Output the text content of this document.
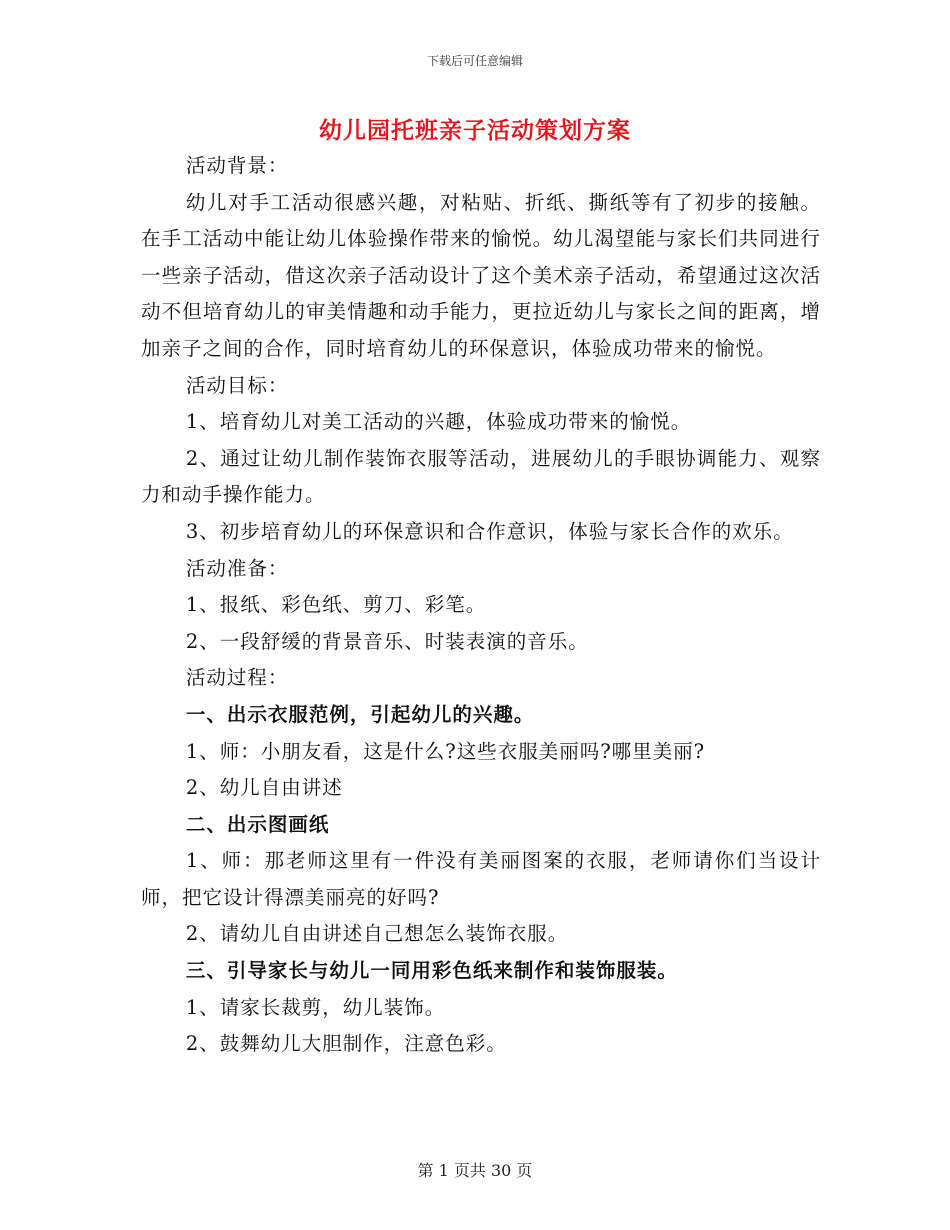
下载后可任意编辑
幼儿园托班亲子活动策划方案

活动背景：

幼儿对手工活动很感兴趣，对粘贴、折纸、撕纸等有了初步的接触。在手工活动中能让幼儿体验操作带来的愉悦。幼儿渴望能与家长们共同进行一些亲子活动，借这次亲子活动设计了这个美术亲子活动，希望通过这次活动不但培育幼儿的审美情趣和动手能力，更拉近幼儿与家长之间的距离，增加亲子之间的合作，同时培育幼儿的环保意识，体验成功带来的愉悦。

活动目标：

1、培育幼儿对美工活动的兴趣，体验成功带来的愉悦。

2、通过让幼儿制作装饰衣服等活动，进展幼儿的手眼协调能力、观察力和动手操作能力。

3、初步培育幼儿的环保意识和合作意识，体验与家长合作的欢乐。

活动准备：

1、报纸、彩色纸、剪刀、彩笔。

2、一段舒缓的背景音乐、时装表演的音乐。

活动过程：

一、出示衣服范例，引起幼儿的兴趣。

1、师：小朋友看，这是什么?这些衣服美丽吗?哪里美丽?

2、幼儿自由讲述

二、出示图画纸

1、师：那老师这里有一件没有美丽图案的衣服，老师请你们当设计师，把它设计得漂美丽亮的好吗?

2、请幼儿自由讲述自己想怎么装饰衣服。

三、引导家长与幼儿一同用彩色纸来制作和装饰服装。

1、请家长裁剪，幼儿装饰。

2、鼓舞幼儿大胆制作，注意色彩。

第 1 页共 30 页
